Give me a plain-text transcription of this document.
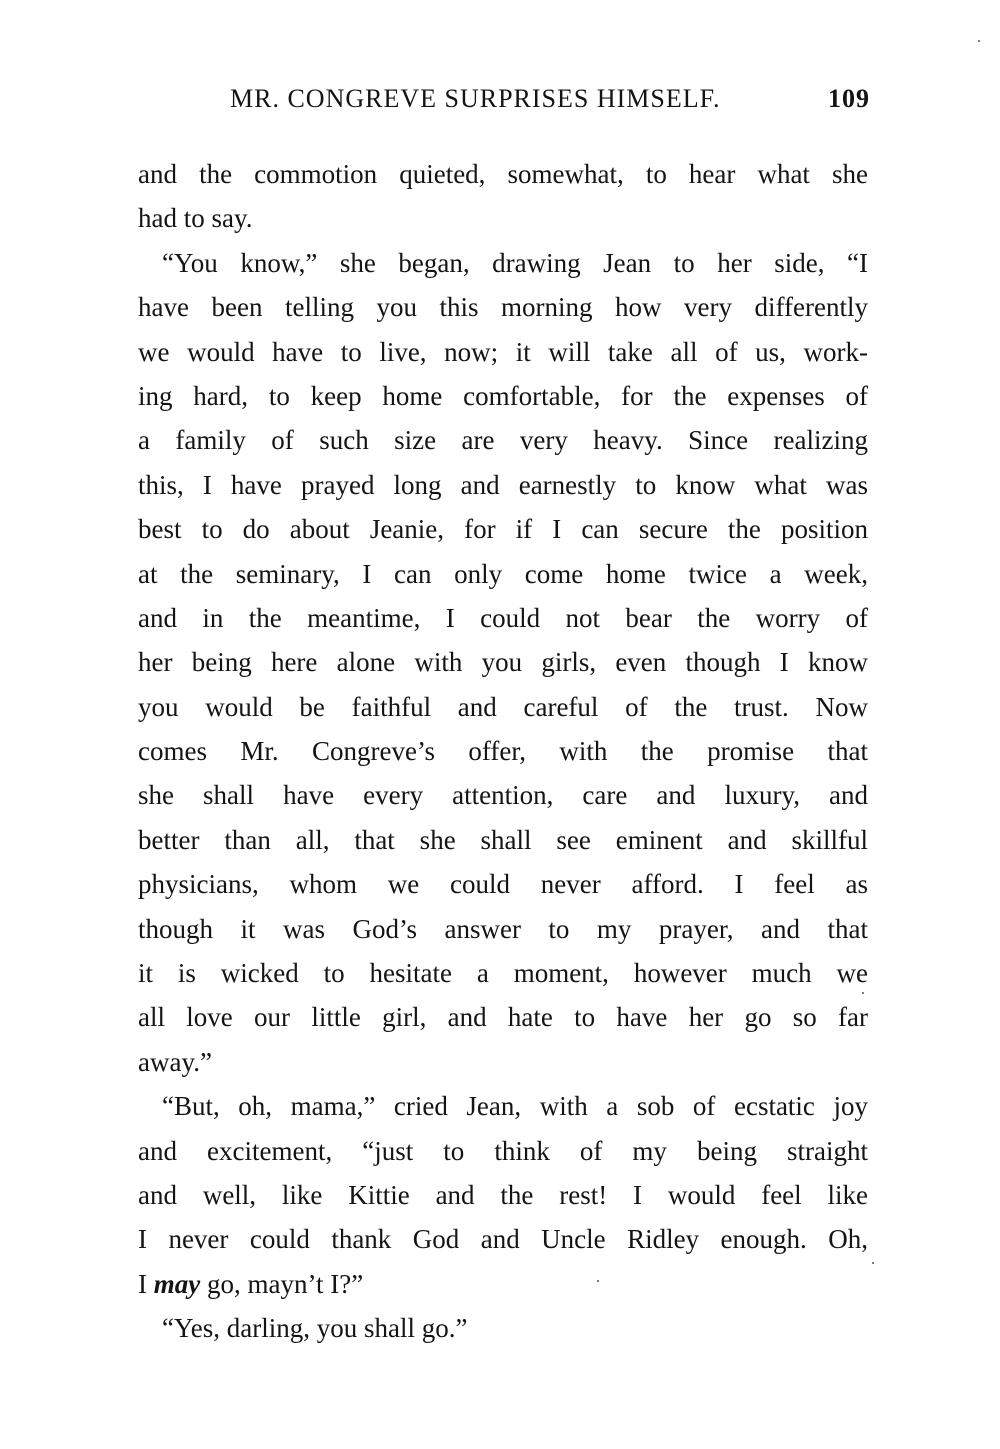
MR. CONGREVE SURPRISES HIMSELF.	109
and the commotion quieted, somewhat, to hear what she
had to say.
“You know,” she began, drawing Jean to her side, “I
have been telling you this morning how very differently
we would have to live, now; it will take all of us, work-
ing hard, to keep home comfortable, for the expenses of
a family of such size are very heavy. Since realizing
this, I have prayed long and earnestly to know what was
best to do about Jeanie, for if I can secure the position
at the seminary, I can only come home twice a week,
and in the meantime, I could not bear the worry of
her being here alone with you girls, even though I know
you would be faithful and careful of the trust. Now
comes Mr. Congreve’s offer, with the promise that
she shall have every attention, care and luxury, and
better than all, that she shall see eminent and skillful
physicians, whom we could never afford. I feel as
though it was God’s answer to my prayer, and that
it is wicked to hesitate a moment, however much we
all love our little girl, and hate to have her go so far
away.”
“But, oh, mama,” cried Jean, with a sob of ecstatic joy
and excitement, “just to think of my being straight
and well, like Kittie and the rest! I would feel like
I never could thank God and Uncle Ridley enough. Oh,
I may go, mayn’t I?”
“Yes, darling, you shall go.”
